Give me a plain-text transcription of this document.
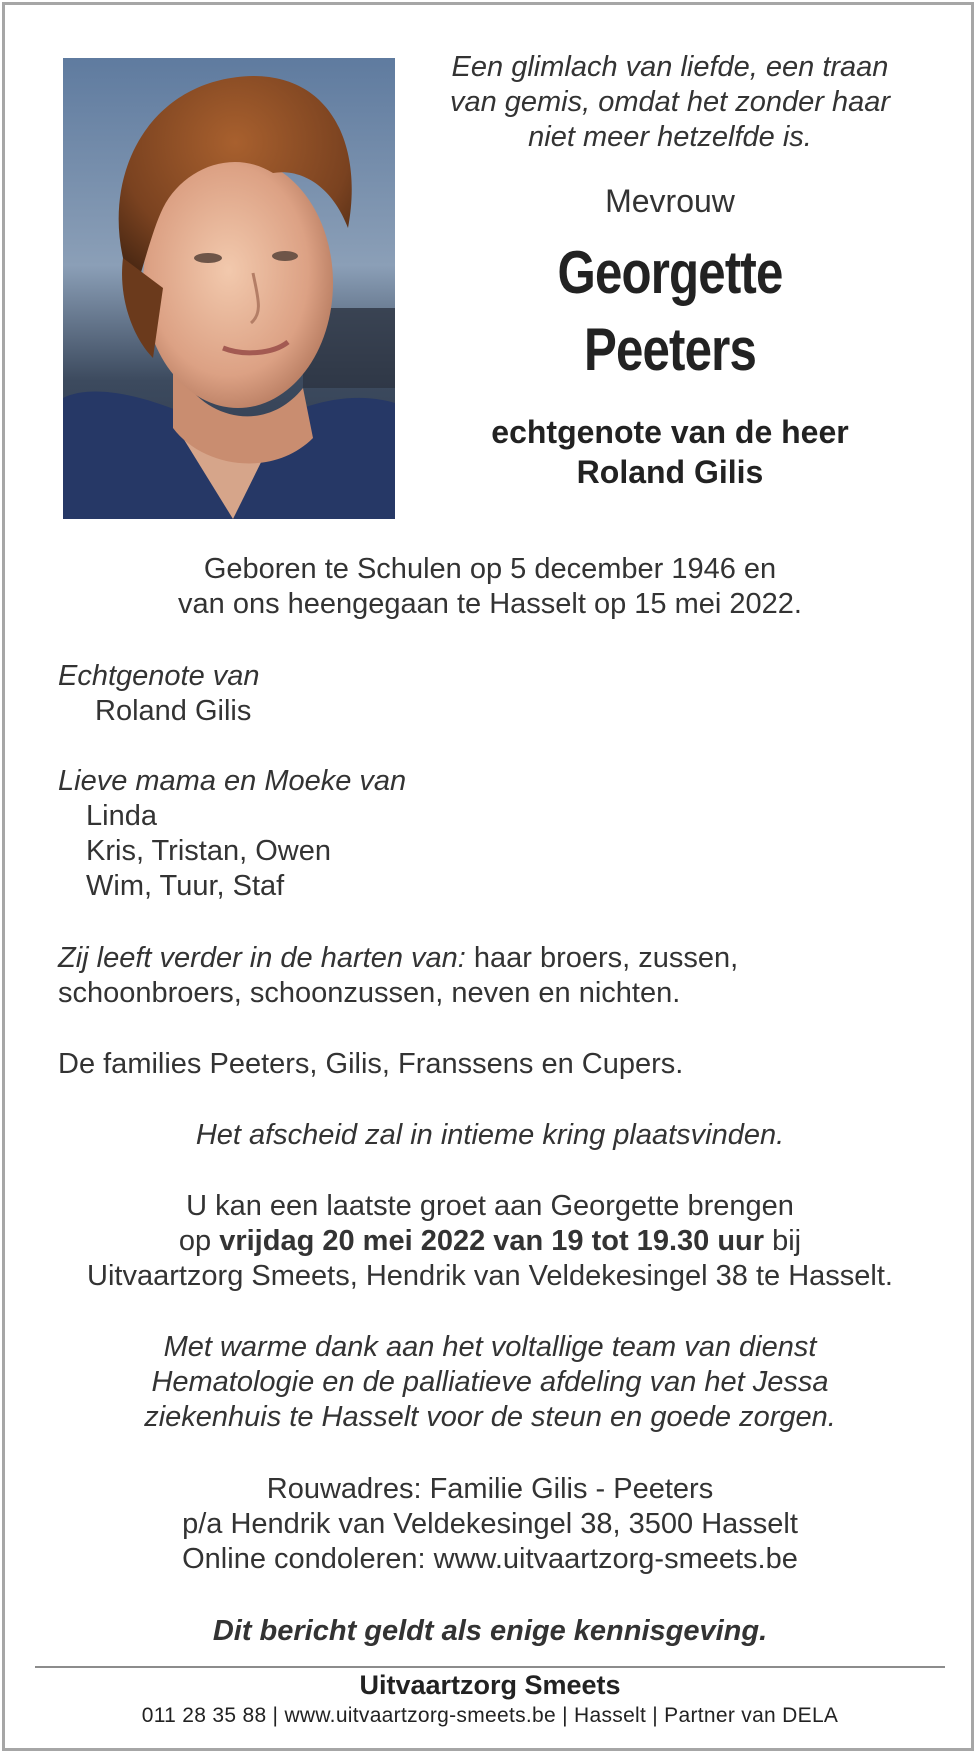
Een glimlach van liefde, een traan
van gemis, omdat het zonder haar
niet meer hetzelfde is.
Mevrouw
Georgette
Peeters
echtgenote van de heer
Roland Gilis
Geboren te Schulen op 5 december 1946 en
van ons heengegaan te Hasselt op 15 mei 2022.
Echtgenote van
Roland Gilis
Lieve mama en Moeke van
Linda
Kris, Tristan, Owen
Wim, Tuur, Staf
Zij leeft verder in de harten van: haar broers, zussen,
schoonbroers, schoonzussen, neven en nichten.
De families Peeters, Gilis, Franssens en Cupers.
Het afscheid zal in intieme kring plaatsvinden.
U kan een laatste groet aan Georgette brengen
op vrijdag 20 mei 2022 van 19 tot 19.30 uur bij
Uitvaartzorg Smeets, Hendrik van Veldekesingel 38 te Hasselt.
Met warme dank aan het voltallige team van dienst
Hematologie en de palliatieve afdeling van het Jessa
ziekenhuis te Hasselt voor de steun en goede zorgen.
Rouwadres: Familie Gilis - Peeters
p/a Hendrik van Veldekesingel 38, 3500 Hasselt
Online condoleren: www.uitvaartzorg-smeets.be
Dit bericht geldt als enige kennisgeving.
Uitvaartzorg Smeets
011 28 35 88 | www.uitvaartzorg-smeets.be | Hasselt | Partner van DELA
